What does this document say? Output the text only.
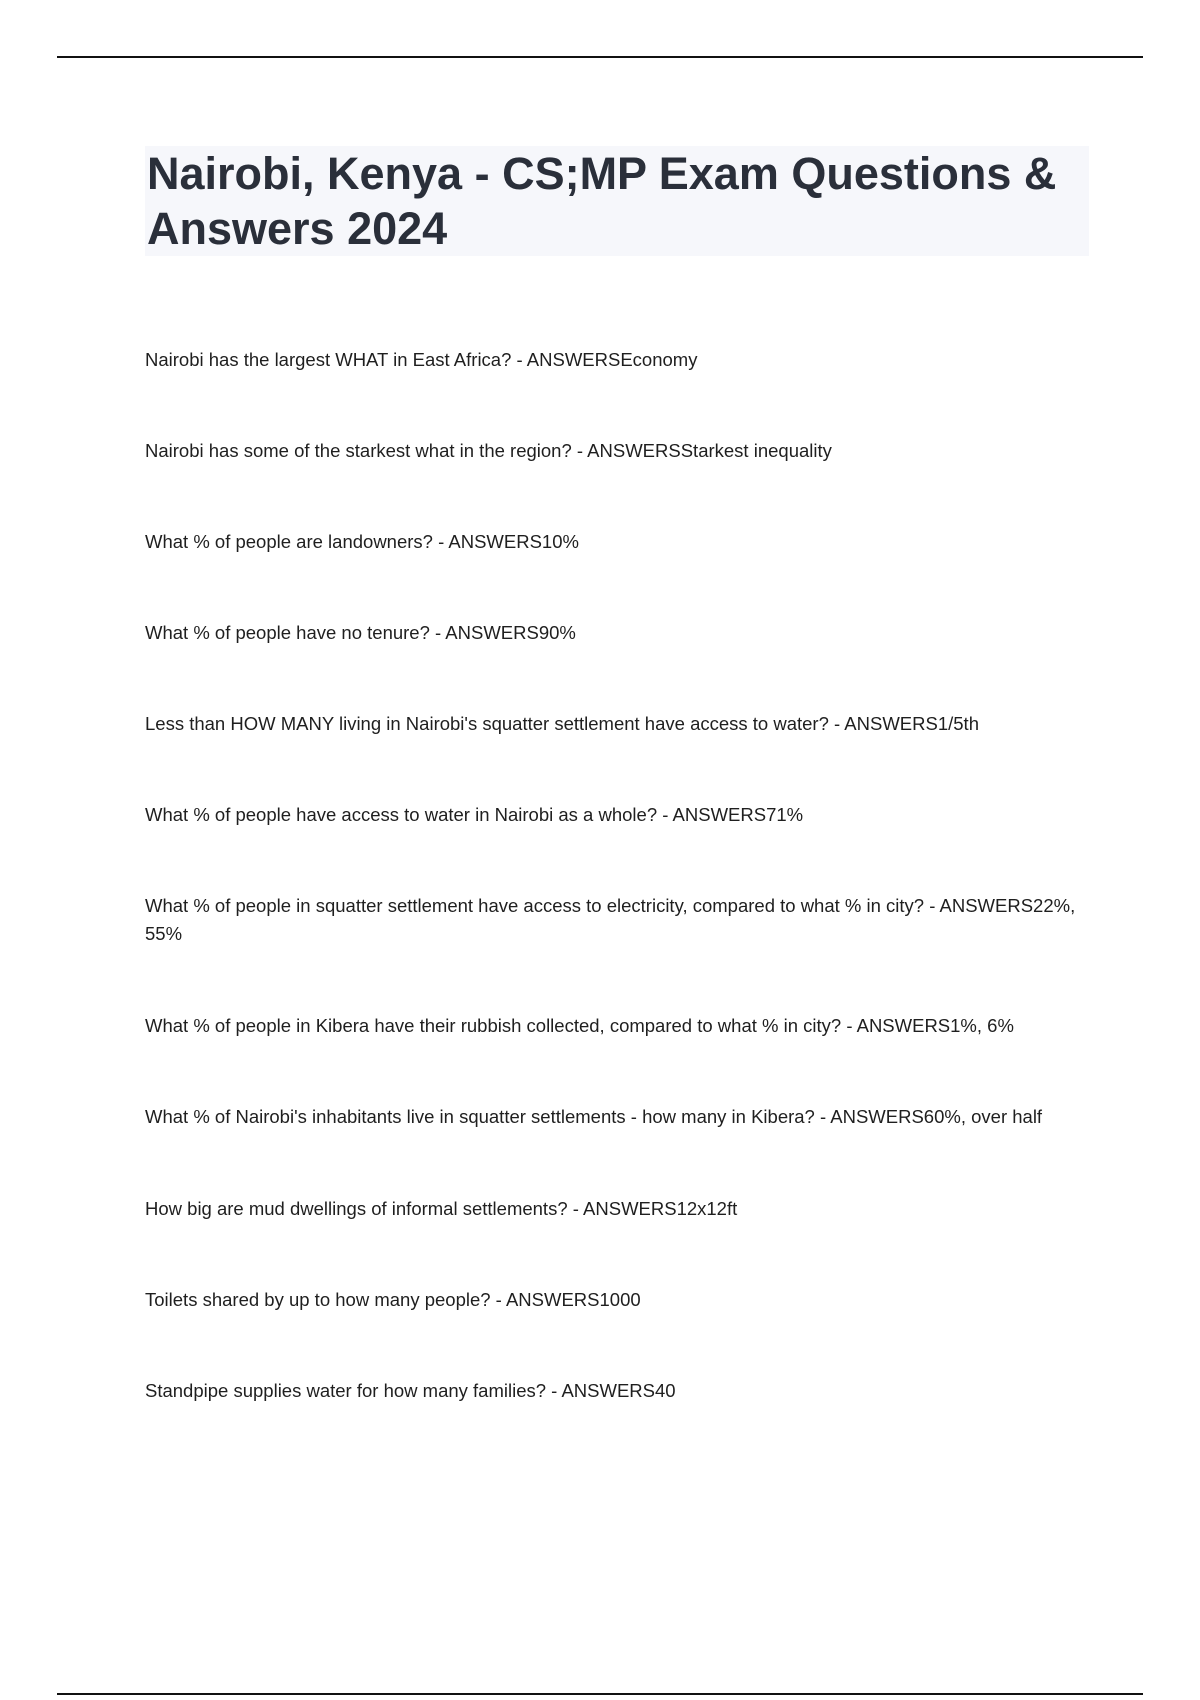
Nairobi, Kenya - CS;MP Exam Questions & Answers 2024
Nairobi has the largest WHAT in East Africa? - ANSWERSEconomy
Nairobi has some of the starkest what in the region? - ANSWERSStarkest inequality
What % of people are landowners? - ANSWERS10%
What % of people have no tenure? - ANSWERS90%
Less than HOW MANY living in Nairobi's squatter settlement have access to water? - ANSWERS1/5th
What % of people have access to water in Nairobi as a whole? - ANSWERS71%
What % of people in squatter settlement have access to electricity, compared to what % in city? - ANSWERS22%, 55%
What % of people in Kibera have their rubbish collected, compared to what % in city? - ANSWERS1%, 6%
What % of Nairobi's inhabitants live in squatter settlements - how many in Kibera? - ANSWERS60%, over half
How big are mud dwellings of informal settlements? - ANSWERS12x12ft
Toilets shared by up to how many people? - ANSWERS1000
Standpipe supplies water for how many families? - ANSWERS40
